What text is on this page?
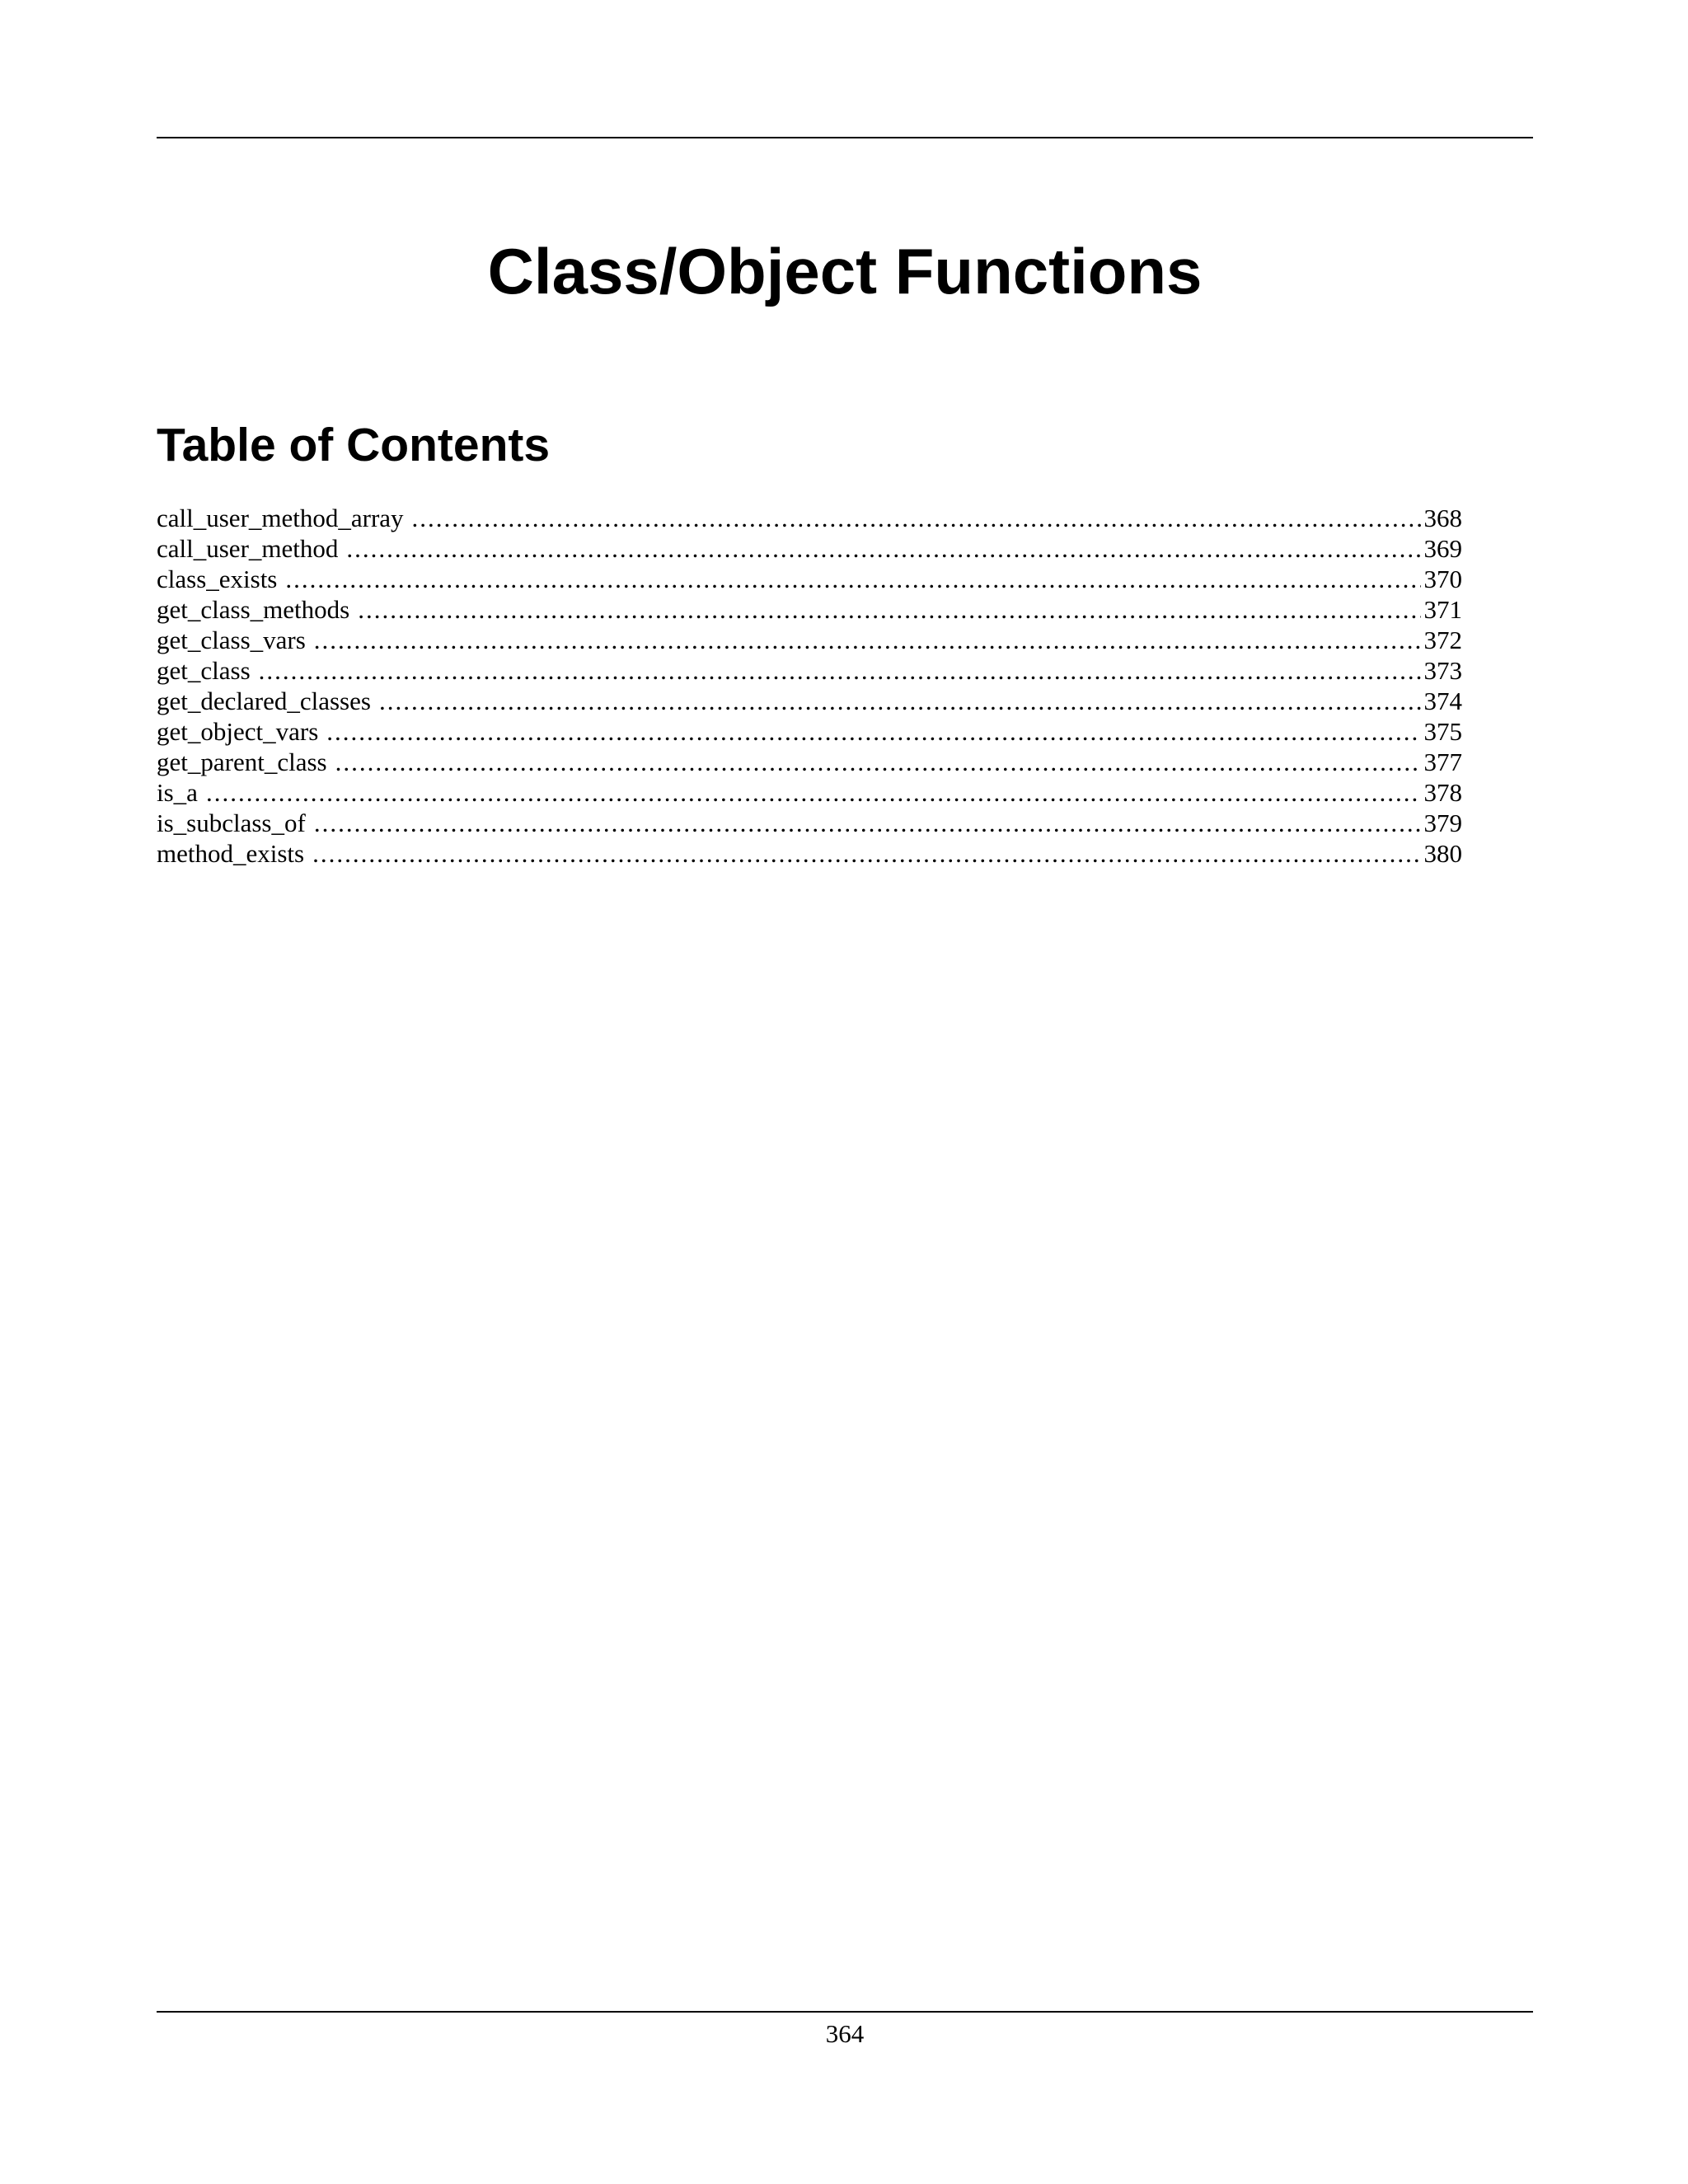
Class/Object Functions
Table of Contents
call_user_method_array .....	368
call_user_method .....	369
class_exists .....	370
get_class_methods .....	371
get_class_vars .....	372
get_class .....	373
get_declared_classes .....	374
get_object_vars .....	375
get_parent_class .....	377
is_a .....	378
is_subclass_of .....	379
method_exists .....	380
364
